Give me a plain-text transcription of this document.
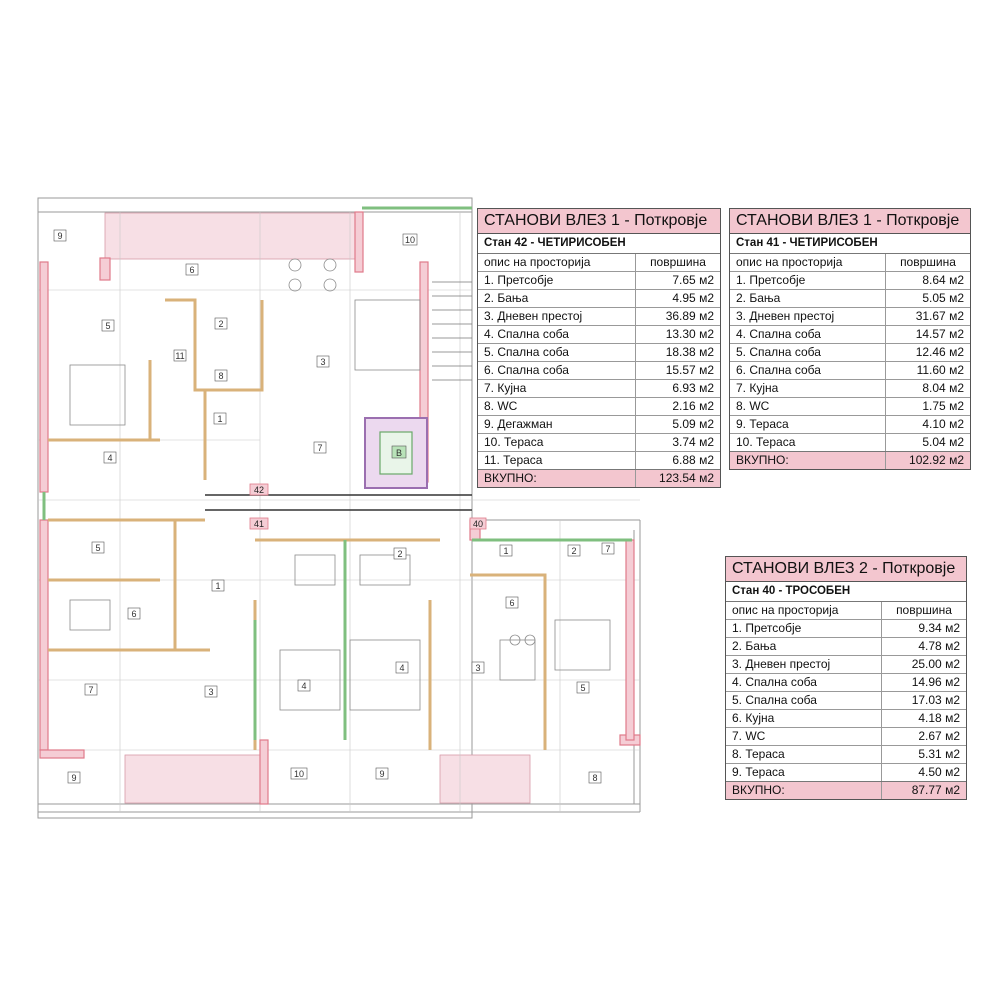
6
2
3
5
11
8
1
4
7
9	10
5
6
1
7	3
9
4
2
4
10	9
1	2	7
6
3
5
8
В
42
41	40
СТАНОВИ ВЛЕЗ 1 - Поткровје
Стан 42 - ЧЕТИРИСОБЕН
опис на просторија	површина
1. Претсобје	7.65 м2
2. Бања	4.95 м2
3. Дневен престој	36.89 м2
4. Спална соба	13.30 м2
5. Спална соба	18.38 м2
6. Спална соба	15.57 м2
7. Кујна	6.93 м2
8. WC	2.16 м2
9. Дегажман	5.09 м2
10. Тераса	3.74 м2
11. Тераса	6.88 м2
ВКУПНО:	123.54 м2
СТАНОВИ ВЛЕЗ 1 - Поткровје
Стан 41 - ЧЕТИРИСОБЕН
опис на просторија	површина
1. Претсобје	8.64 м2
2. Бања	5.05 м2
3. Дневен престој	31.67 м2
4. Спална соба	14.57 м2
5. Спална соба	12.46 м2
6. Спална соба	11.60 м2
7. Кујна	8.04 м2
8. WC	1.75 м2
9. Тераса	4.10 м2
10. Тераса	5.04 м2
ВКУПНО:	102.92 м2
СТАНОВИ ВЛЕЗ 2 - Поткровје
Стан 40 - ТРОСОБЕН
опис на просторија	површина
1. Претсобје	9.34 м2
2. Бања	4.78 м2
3. Дневен престој	25.00 м2
4. Спална соба	14.96 м2
5. Спална соба	17.03 м2
6. Кујна	4.18 м2
7. WC	2.67 м2
8. Тераса	5.31 м2
9. Тераса	4.50 м2
ВКУПНО:	87.77 м2
